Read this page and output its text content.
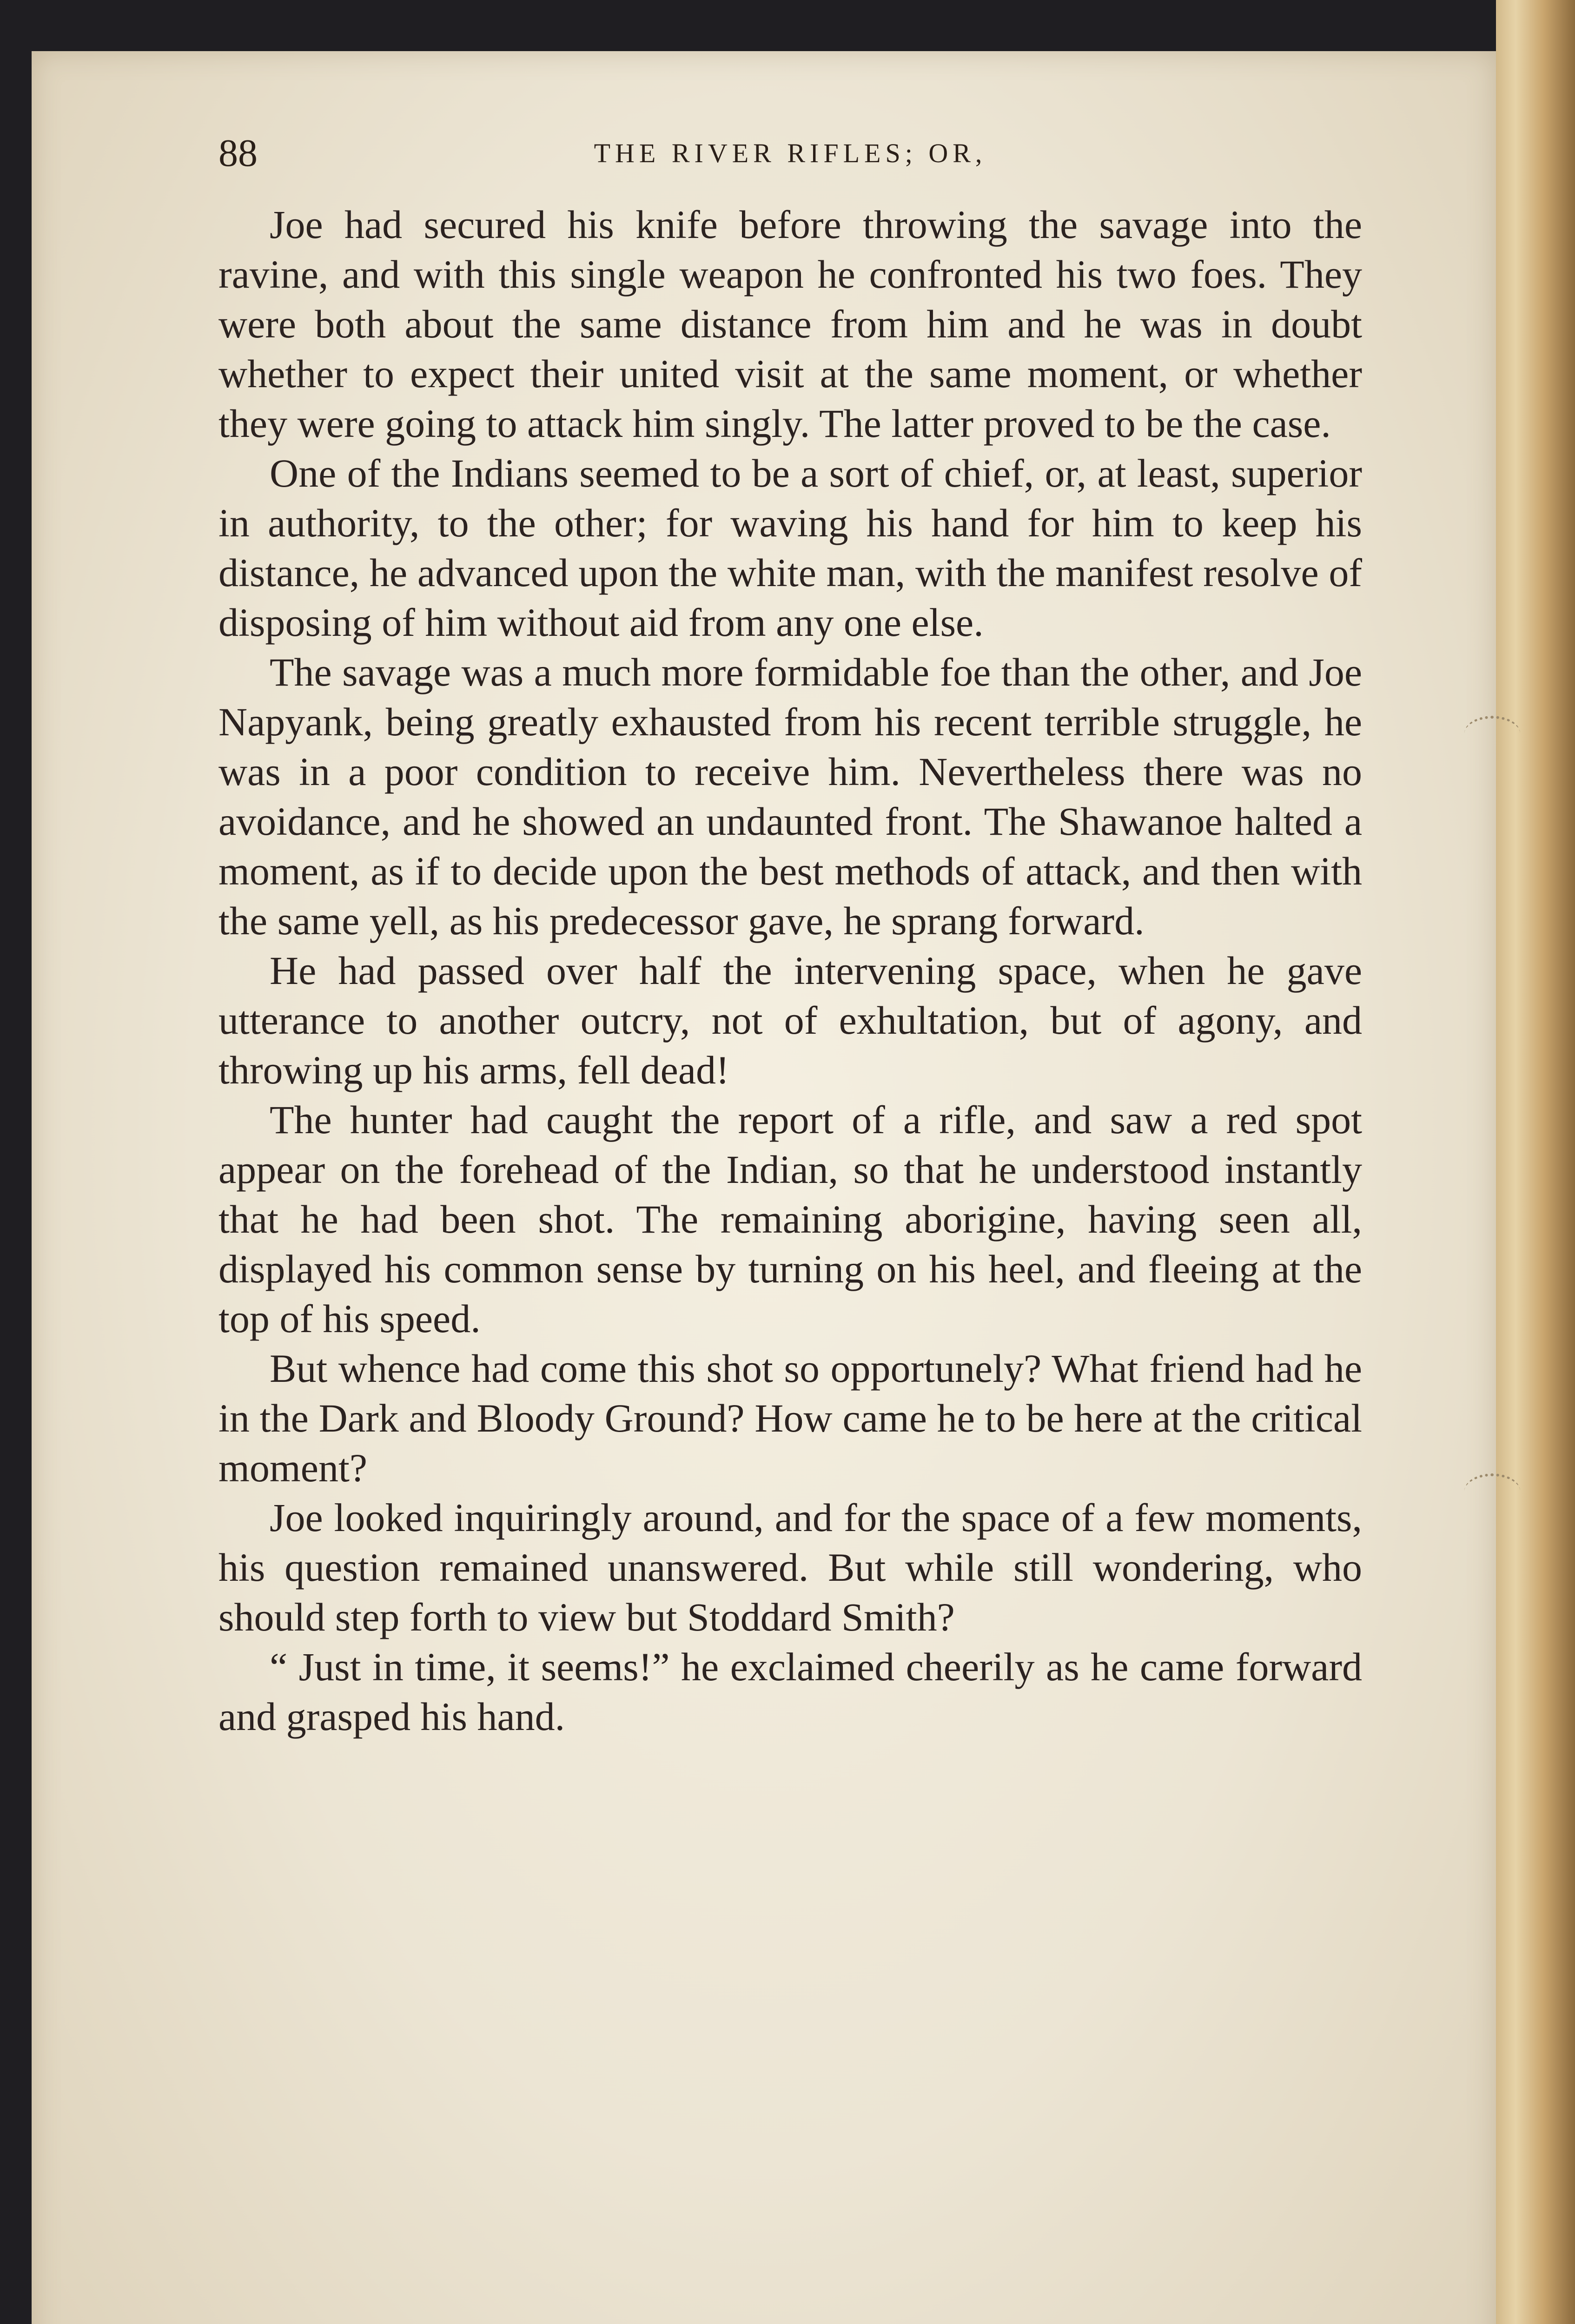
88	THE RIVER RIFLES; OR,

Joe had secured his knife before throwing the savage into the ravine, and with this single weapon he confronted his two foes. They were both about the same distance from him and he was in doubt whether to expect their united visit at the same moment, or whether they were going to attack him singly. The latter proved to be the case.

One of the Indians seemed to be a sort of chief, or, at least, superior in authority, to the other; for waving his hand for him to keep his distance, he advanced upon the white man, with the manifest resolve of disposing of him without aid from any one else.

The savage was a much more formidable foe than the other, and Joe Napyank, being greatly exhausted from his recent terrible struggle, he was in a poor condition to receive him. Nevertheless there was no avoidance, and he showed an undaunted front. The Shawanoe halted a moment, as if to decide upon the best methods of attack, and then with the same yell, as his predecessor gave, he sprang forward.

He had passed over half the intervening space, when he gave utterance to another outcry, not of exhultation, but of agony, and throwing up his arms, fell dead!

The hunter had caught the report of a rifle, and saw a red spot appear on the forehead of the Indian, so that he understood instantly that he had been shot. The remaining aborigine, having seen all, displayed his common sense by turning on his heel, and fleeing at the top of his speed.

But whence had come this shot so opportunely? What friend had he in the Dark and Bloody Ground? How came he to be here at the critical moment?

Joe looked inquiringly around, and for the space of a few moments, his question remained unanswered. But while still wondering, who should step forth to view but Stoddard Smith?

“ Just in time, it seems!” he exclaimed cheerily as he came forward and grasped his hand.
